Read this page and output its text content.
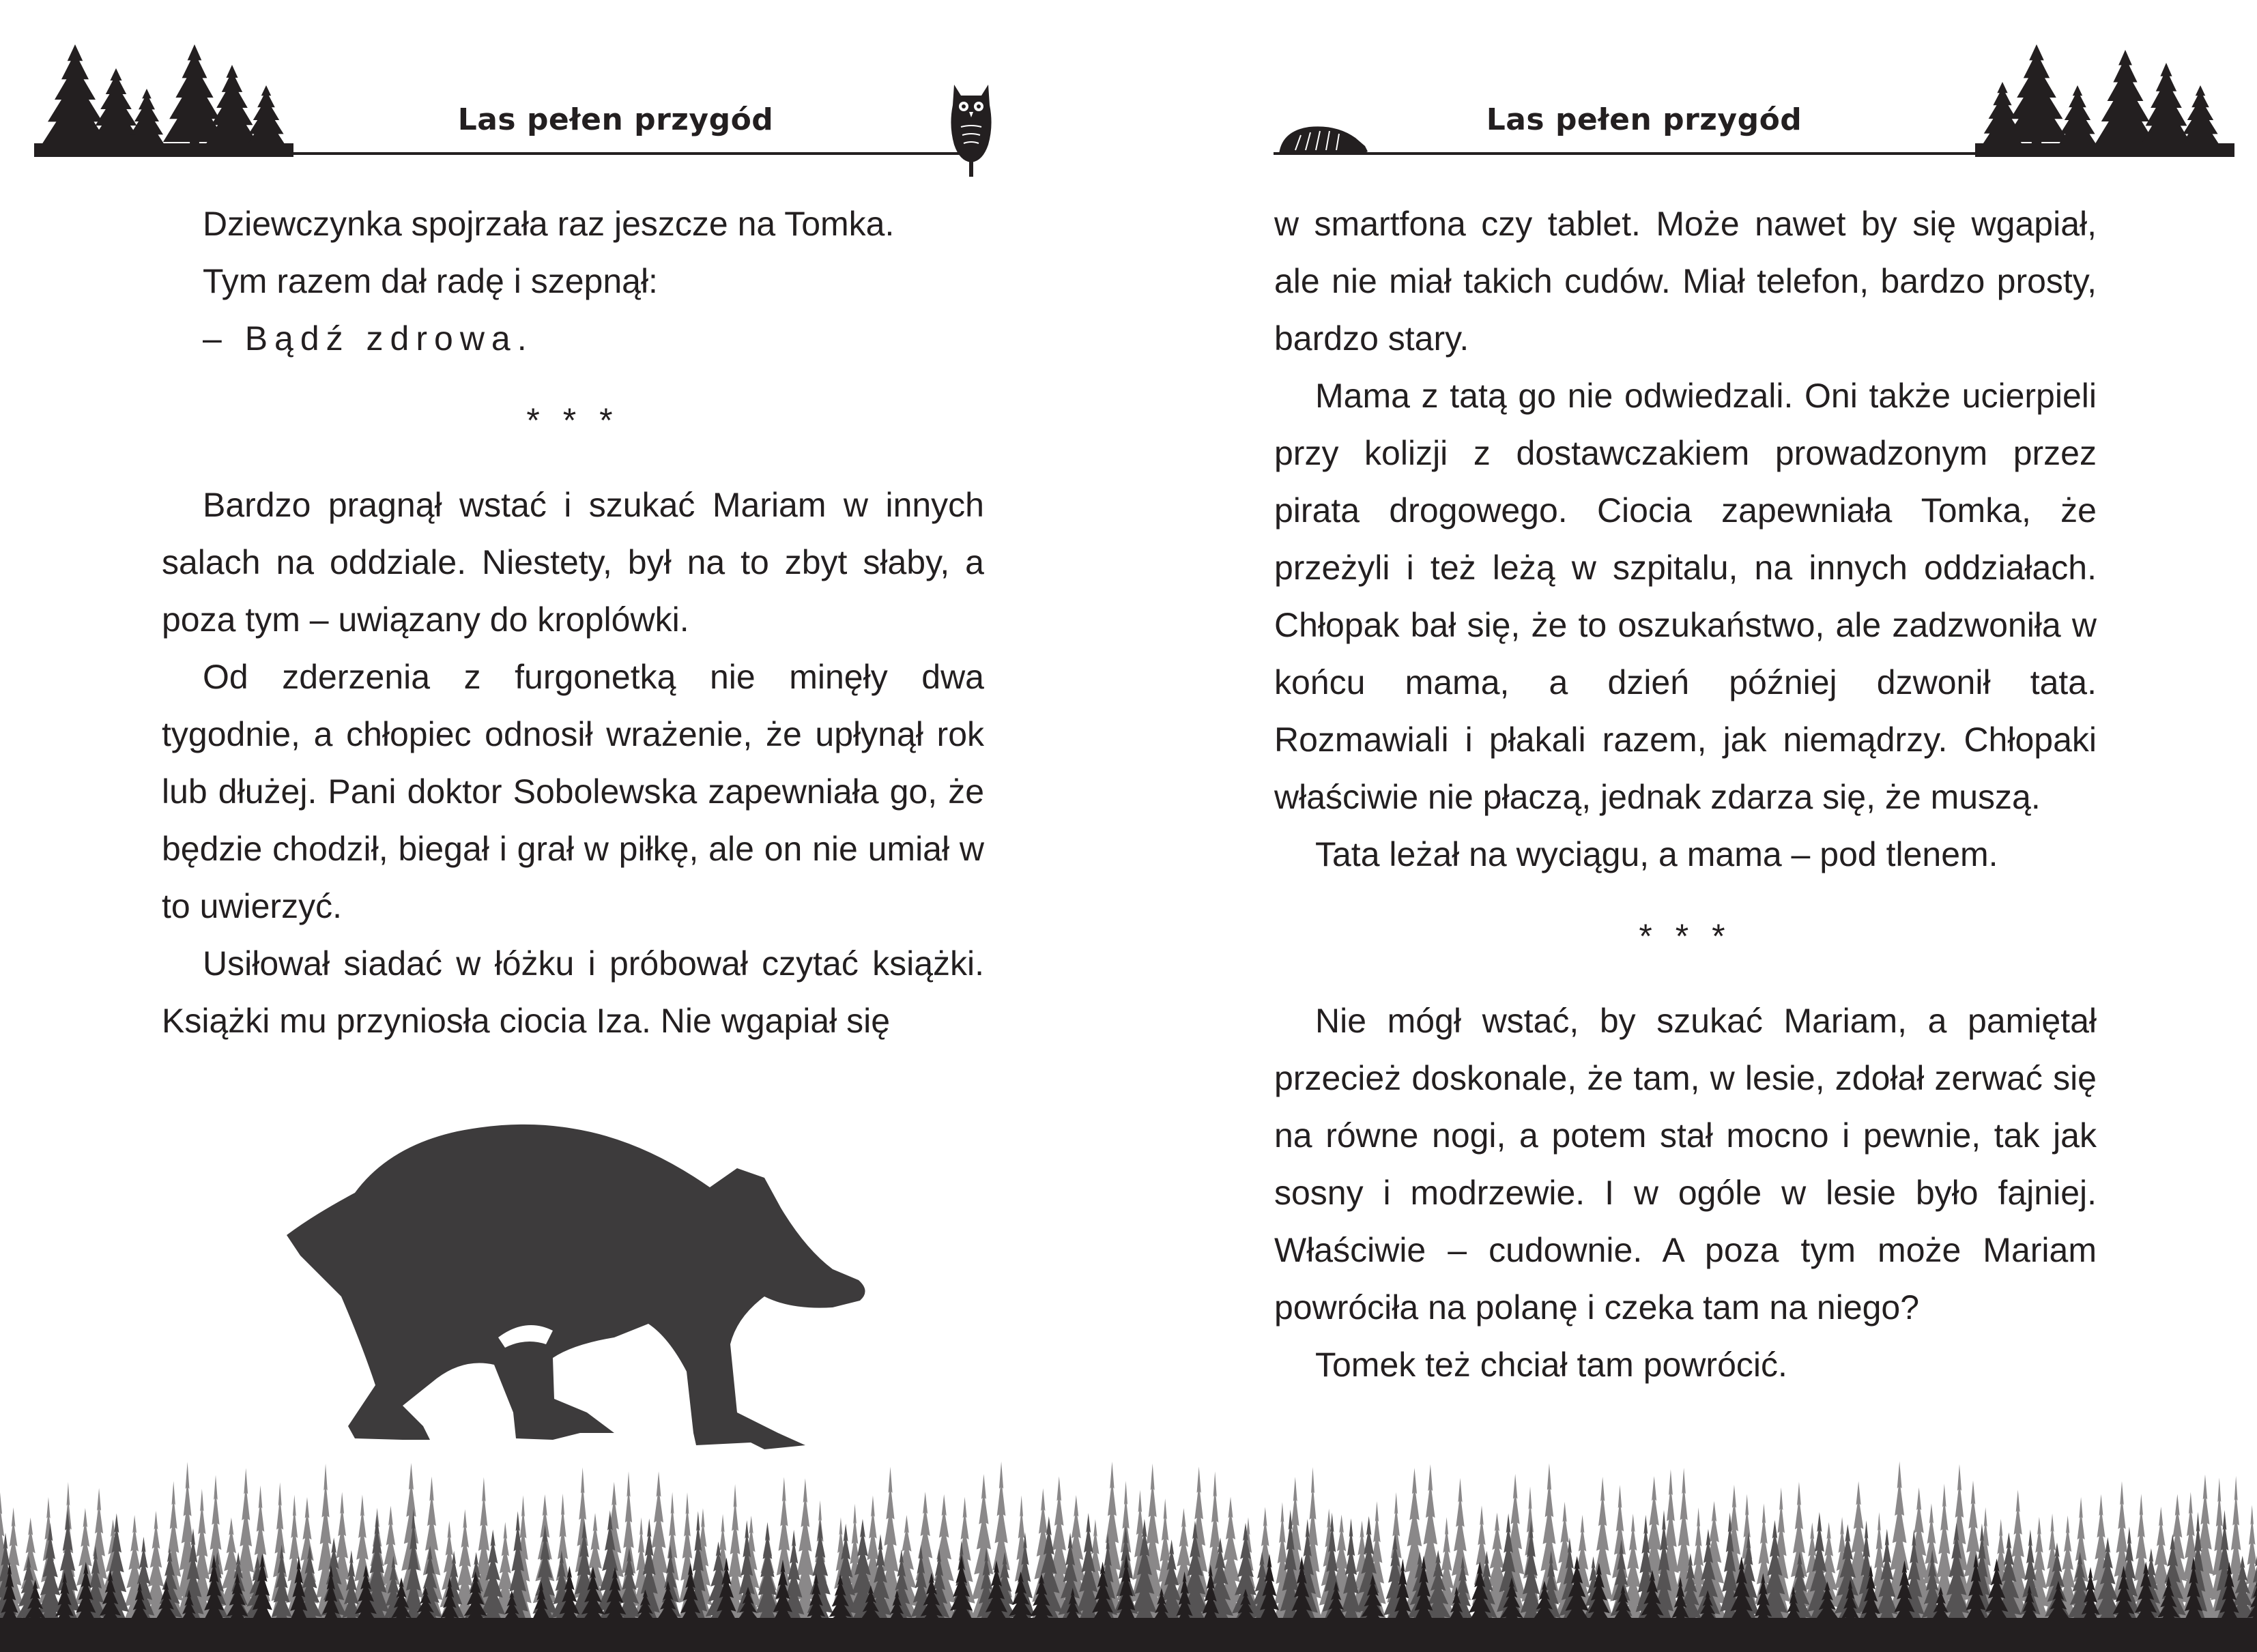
Las pełen przygód

Dziewczynka spojrzała raz jeszcze na Tomka.

Tym razem dał radę i szepnął:

– Bądź zdrowa.

* * *

Bardzo pragnął wstać i szukać Mariam w innych salach na oddziale. Niestety, był na to zbyt słaby, a poza tym – uwiązany do kroplówki.

Od zderzenia z furgonetką nie minęły dwa tygodnie, a chłopiec odnosił wrażenie, że upłynął rok lub dłużej. Pani doktor Sobolewska zapewniała go, że będzie chodził, biegał i grał w piłkę, ale on nie umiał w to uwierzyć.

Usiłował siadać w łóżku i próbował czytać książki. Książki mu przyniosła ciocia Iza. Nie wgapiał się

Las pełen przygód

w smartfona czy tablet. Może nawet by się wgapiał, ale nie miał takich cudów. Miał telefon, bardzo prosty, bardzo stary.

Mama z tatą go nie odwiedzali. Oni także ucierpieli przy kolizji z dostawczakiem prowadzonym przez pirata drogowego. Ciocia zapewniała Tomka, że przeżyli i też leżą w szpitalu, na innych oddziałach. Chłopak bał się, że to oszukaństwo, ale zadzwoniła w końcu mama, a dzień później dzwonił tata. Rozmawiali i płakali razem, jak niemądrzy. Chłopaki właściwie nie płaczą, jednak zdarza się, że muszą.

Tata leżał na wyciągu, a mama – pod tlenem.

* * *

Nie mógł wstać, by szukać Mariam, a pamiętał przecież doskonale, że tam, w lesie, zdołał zerwać się na równe nogi, a potem stał mocno i pewnie, tak jak sosny i modrzewie. I w ogóle w lesie było fajniej. Właściwie – cudownie. A poza tym może Mariam powróciła na polanę i czeka tam na niego?

Tomek też chciał tam powrócić.
